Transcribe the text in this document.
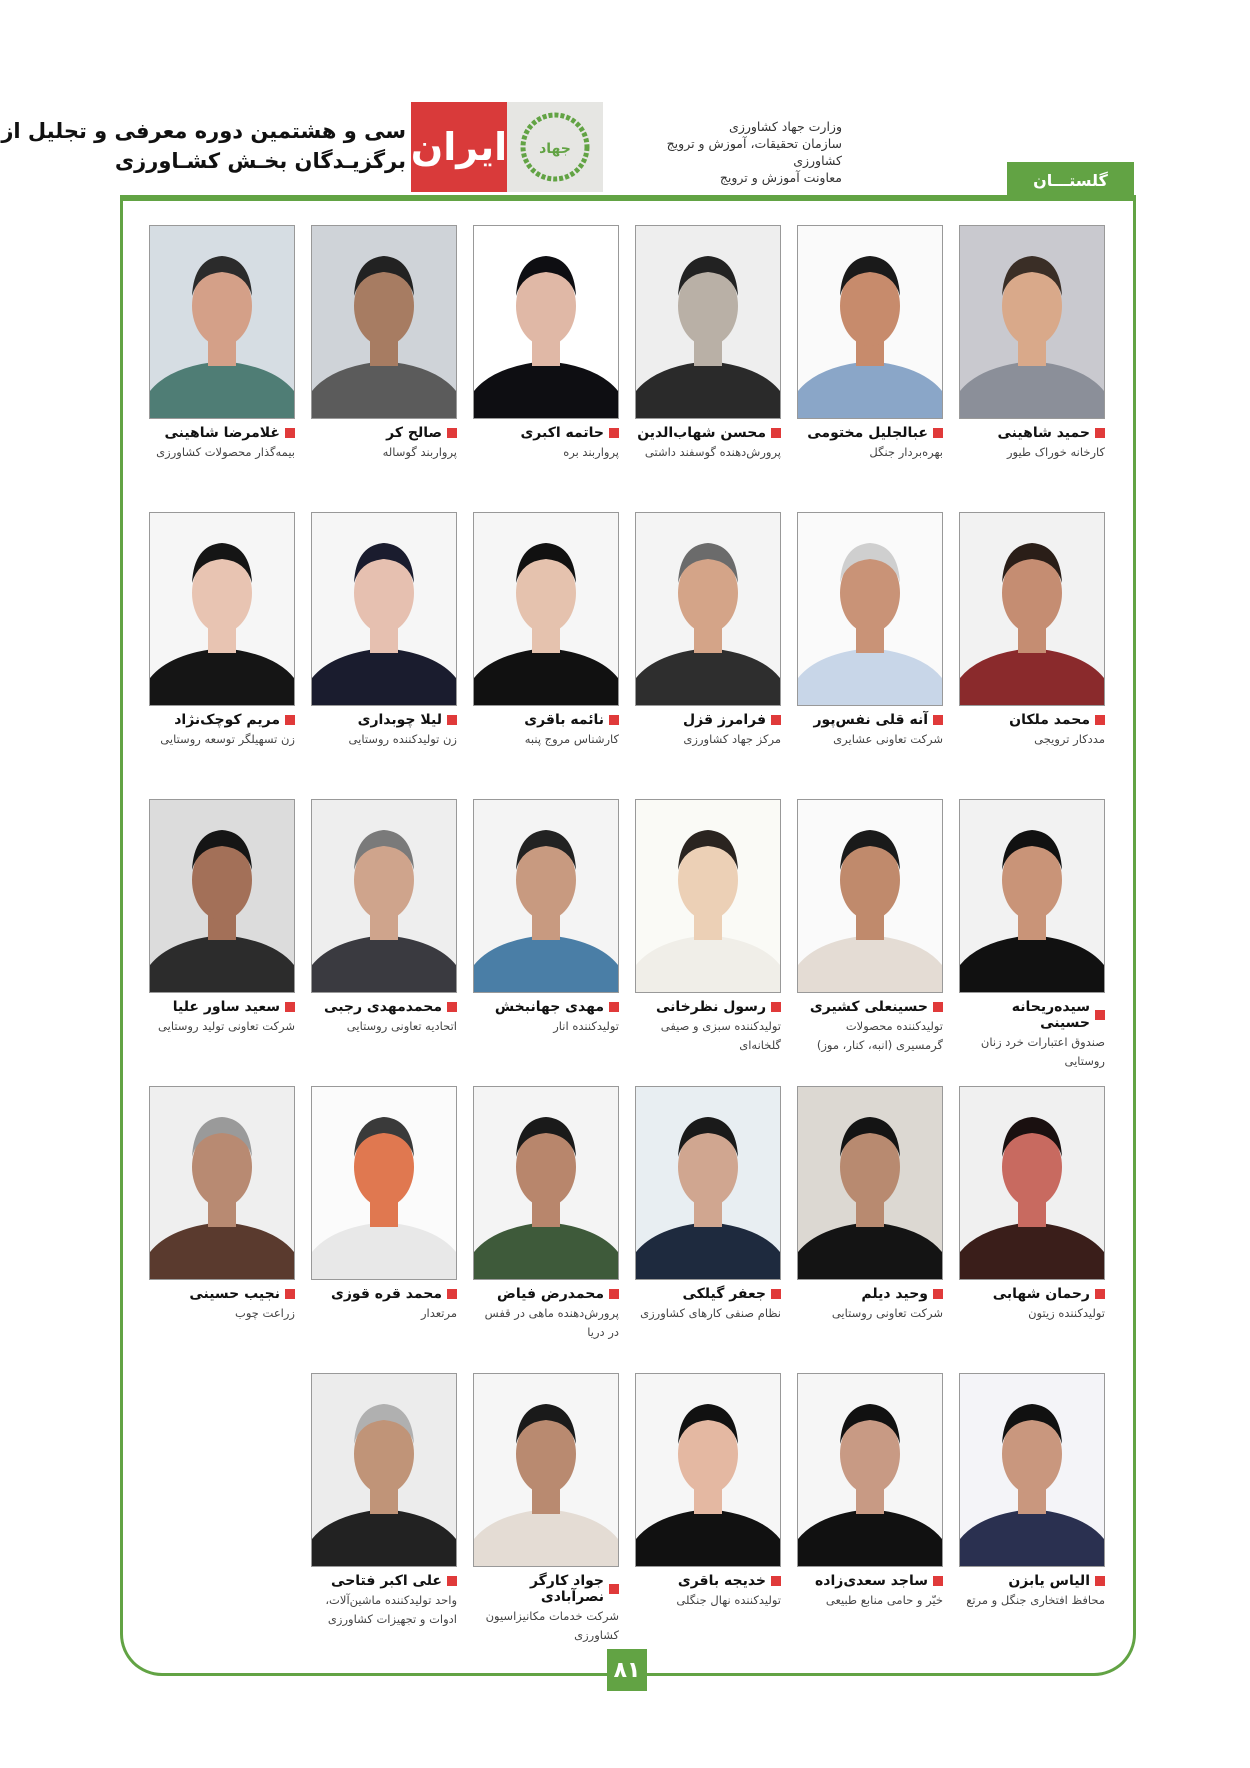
سی و هشتمین دوره معرفی و تجلیل از
برگزیـدگان بخـش کشـاورزی ایران جهاد
وزارت جهاد کشاورزی
سازمان تحقیقات، آموزش و ترویج کشاورزی
معاونت آموزش و ترویج	گلستـــان
حمید شاهینی
کارخانه خوراک طیور
عبالجلیل مختومی
بهره‌بردار جنگل
محسن شهاب‌الدین
پرورش‌دهنده گوسفند داشتی
حاتمه اکبری
پرواربند بره
صالح کر
پرواربند گوساله
غلامرضا شاهینی
بیمه‌گذار محصولات کشاورزی
محمد ملکان
مددکار ترویجی
آنه قلی نفس‌پور
شرکت تعاونی عشایری
فرامرز قزل
مرکز جهاد کشاورزی
نائمه باقری
کارشناس مروج پنبه
لیلا چوبداری
زن تولیدکننده روستایی
مریم کوچک‌نژاد
زن تسهیلگر توسعه روستایی
سیده‌ریحانه حسینی
صندوق اعتبارات خرد زنان روستایی
حسینعلی کشیری
تولیدکننده محصولات گرمسیری (انبه، کنار، موز)
رسول نظرخانی
تولیدکننده سبزی و صیفی گلخانه‌ای
مهدی جهانبخش
تولیدکننده انار
محمدمهدی رجبی
اتحادیه تعاونی روستایی
سعید ساور علیا
شرکت تعاونی تولید روستایی
رحمان شهابی
تولیدکننده زیتون
وحید دیلم
شرکت تعاونی روستایی
جعفر گیلکی
نظام صنفی کارهای کشاورزی
محمدرض فیاض
پرورش‌دهنده ماهی در قفس در دریا
محمد قره قوزی
مرتعدار
نجیب حسینی
زراعت چوب
الیاس یابزن
محافظ افتخاری جنگل و مرتع
ساجد سعدی‌زاده
خیّر و حامی منابع طبیعی
خدیجه باقری
تولیدکننده نهال جنگلی
جواد کارگر نصرآبادی
شرکت خدمات مکانیزاسیون کشاورزی
علی اکبر فتاحی
واحد تولیدکننده ماشین‌آلات، ادوات و تجهیزات کشاورزی
۸۱
